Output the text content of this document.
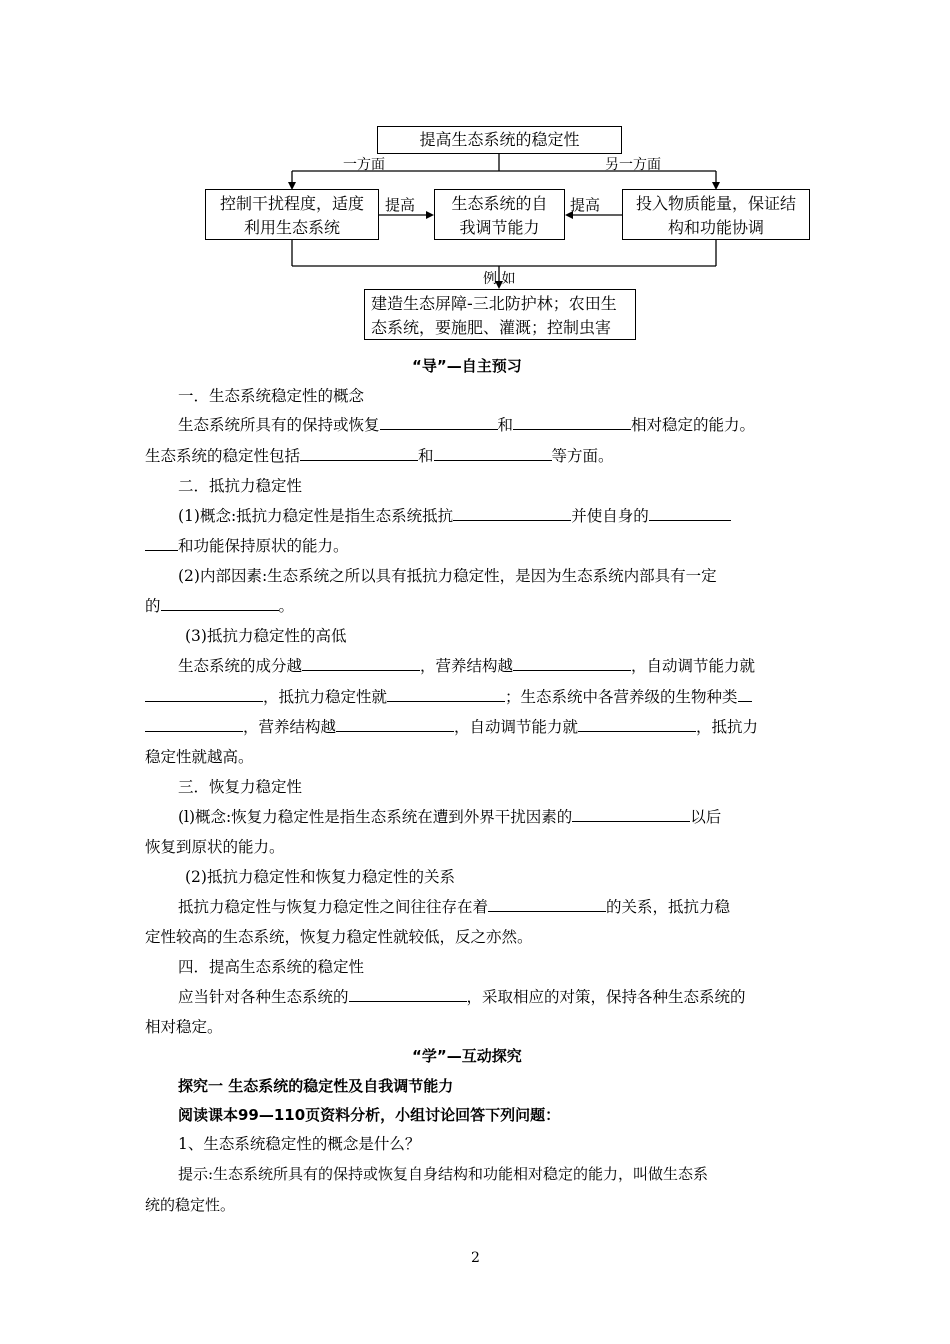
提高生态系统的稳定性
一方面	另一方面
控制干扰程度，适度
利用生态系统
提高	生态系统的自
我调节能力
提高	投入物质能量，保证结
构和功能协调
例 如
建造生态屏障-三北防护林；农田生
态系统，要施肥、灌溉；控制虫害
“导”—自主预习
一．生态系统稳定性的概念
生态系统所具有的保持或恢复	和	相对稳定的能力。
生态系统的稳定性包括	和	等方面。
二．抵抗力稳定性
(1)概念:抵抗力稳定性是指生态系统抵抗	并使自身的
和功能保持原状的能力。
(2)内部因素:生态系统之所以具有抵抗力稳定性，是因为生态系统内部具有一定
的	。
(3)抵抗力稳定性的高低
生态系统的成分越	，营养结构越	，自动调节能力就
，抵抗力稳定性就	；生态系统中各营养级的生物种类
，营养结构越	，自动调节能力就	，抵抗力
稳定性就越高。
三．恢复力稳定性
(l)概念:恢复力稳定性是指生态系统在遭到外界干扰因素的	以后
恢复到原状的能力。
(2)抵抗力稳定性和恢复力稳定性的关系
抵抗力稳定性与恢复力稳定性之间往往存在着	的关系，抵抗力稳
定性较高的生态系统，恢复力稳定性就较低，反之亦然。
四．提高生态系统的稳定性
应当针对各种生态系统的	，采取相应的对策，保持各种生态系统的
相对稳定。
“学”—互动探究
探究一 生态系统的稳定性及自我调节能力
阅读课本99—110页资料分析，小组讨论回答下列问题：
1、生态系统稳定性的概念是什么？
提示:生态系统所具有的保持或恢复自身结构和功能相对稳定的能力，叫做生态系
统的稳定性。
2
